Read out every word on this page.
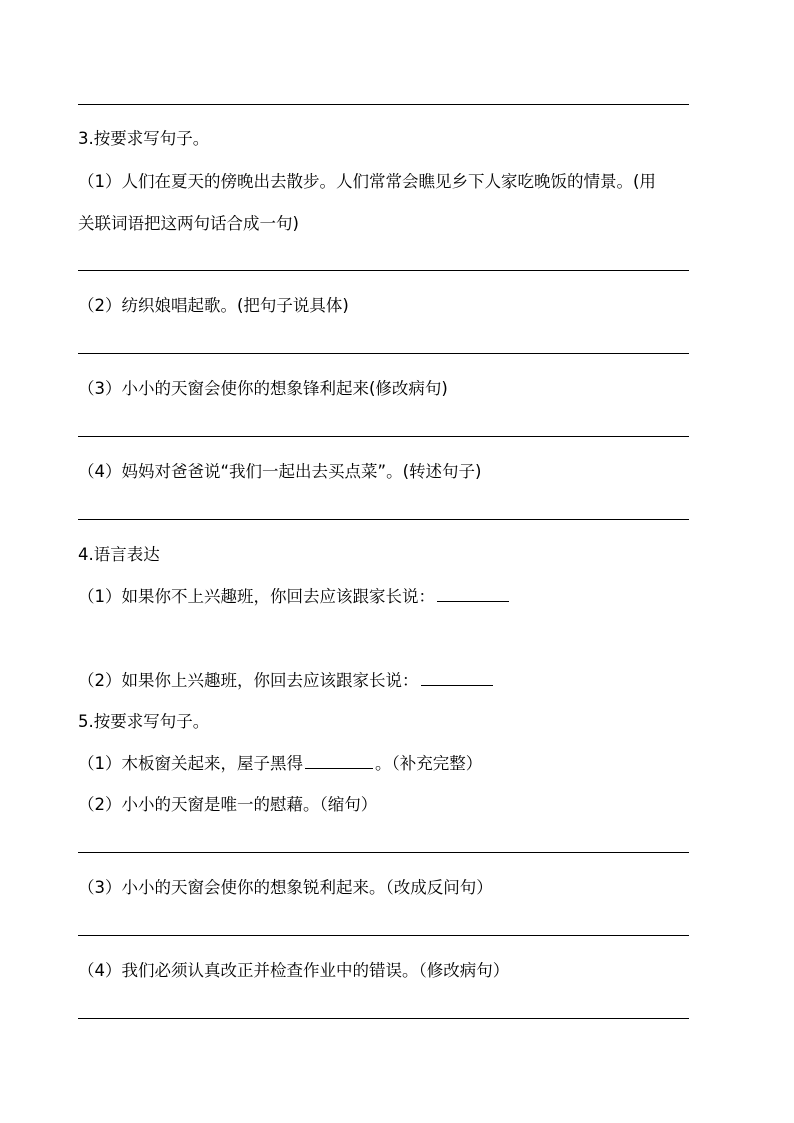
3.按要求写句子。
（1）人们在夏天的傍晚出去散步。人们常常会瞧见乡下人家吃晚饭的情景。(用
关联词语把这两句话合成一句)
（2）纺织娘唱起歌。(把句子说具体)
（3）小小的天窗会使你的想象锋利起来(修改病句)
（4）妈妈对爸爸说“我们一起出去买点菜”。(转述句子)
4.语言表达
（1）如果你不上兴趣班，你回去应该跟家长说：
（2）如果你上兴趣班，你回去应该跟家长说：
5.按要求写句子。
（1）木板窗关起来，屋子黑得	。（补充完整）
（2）小小的天窗是唯一的慰藉。（缩句）
（3）小小的天窗会使你的想象锐利起来。（改成反问句）
（4）我们必须认真改正并检查作业中的错误。（修改病句）
